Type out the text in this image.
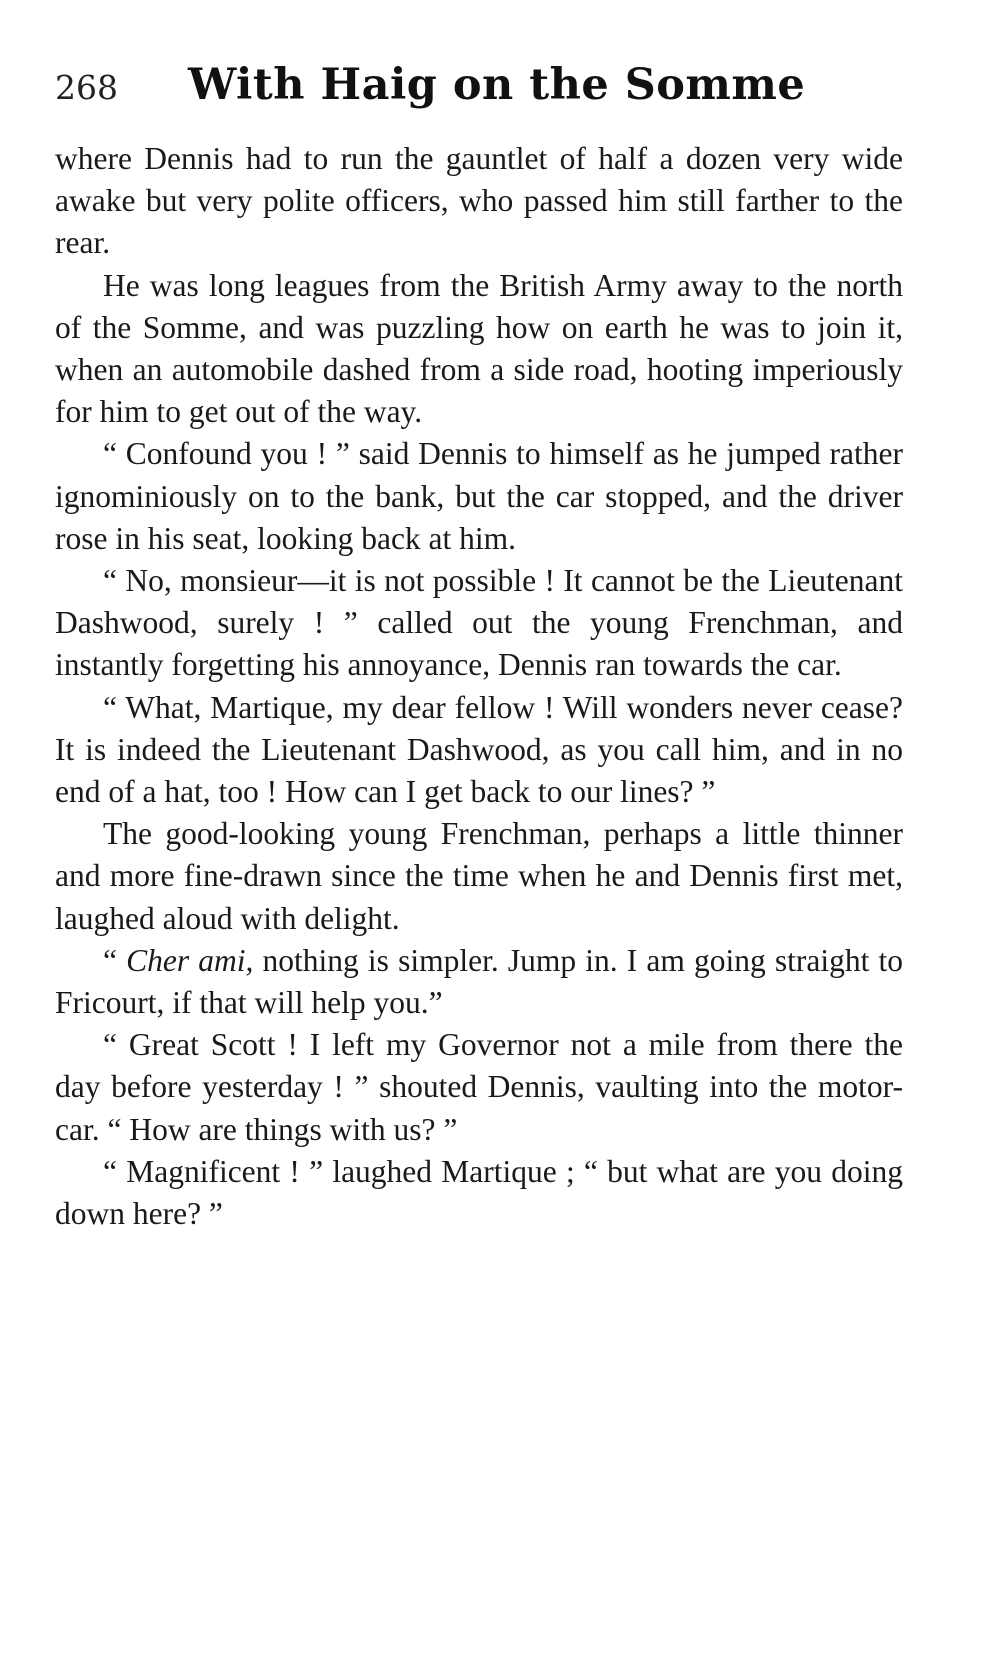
268	With Haig on the Somme

where Dennis had to run the gauntlet of half a dozen very wide awake but very polite officers, who passed him still farther to the rear.

He was long leagues from the British Army away to the north of the Somme, and was puzzling how on earth he was to join it, when an automobile dashed from a side road, hooting imperiously for him to get out of the way.

“ Confound you ! ” said Dennis to himself as he jumped rather ignominiously on to the bank, but the car stopped, and the driver rose in his seat, looking back at him.

“ No, monsieur—it is not possible ! It cannot be the Lieutenant Dashwood, surely ! ” called out the young Frenchman, and instantly forgetting his annoyance, Dennis ran towards the car.

“ What, Martique, my dear fellow ! Will wonders never cease? It is indeed the Lieutenant Dashwood, as you call him, and in no end of a hat, too ! How can I get back to our lines? ”

The good-looking young Frenchman, perhaps a little thinner and more fine-drawn since the time when he and Dennis first met, laughed aloud with delight.

“ Cher ami, nothing is simpler. Jump in. I am going straight to Fricourt, if that will help you.”

“ Great Scott ! I left my Governor not a mile from there the day before yesterday ! ” shouted Dennis, vaulting into the motor-car. “ How are things with us? ”

“ Magnificent ! ” laughed Martique ; “ but what are you doing down here? ”
